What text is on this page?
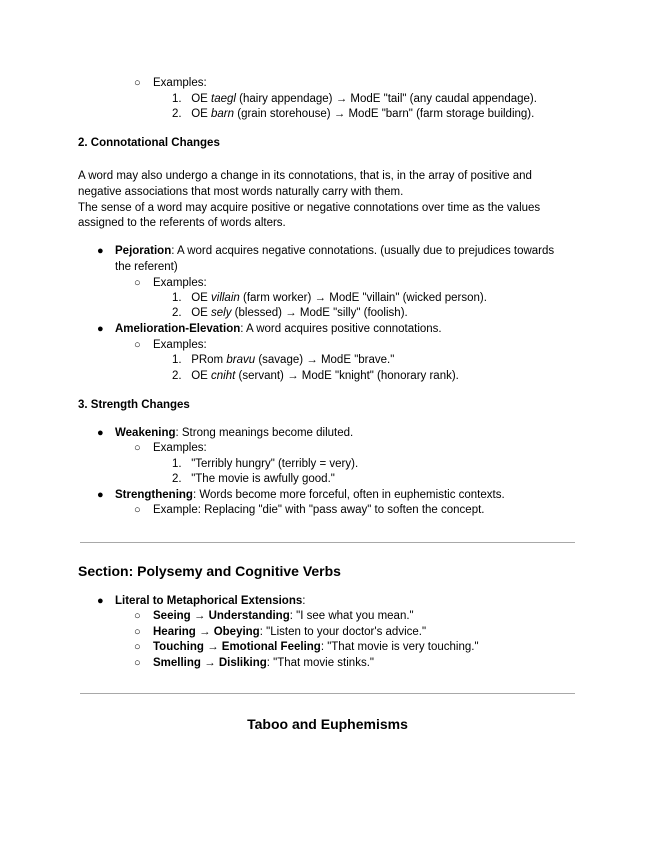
○ Examples:
1. OE taegl (hairy appendage) → ModE "tail" (any caudal appendage).
2. OE barn (grain storehouse) → ModE "barn" (farm storage building).
2. Connotational Changes
A word may also undergo a change in its connotations, that is, in the array of positive and
negative associations that most words naturally carry with them.
The sense of a word may acquire positive or negative connotations over time as the values
assigned to the referents of words alters.
● Pejoration: A word acquires negative connotations. (usually due to prejudices towards
the referent)
○ Examples:
1. OE villain (farm worker) → ModE "villain" (wicked person).
2. OE sely (blessed) → ModE "silly" (foolish).
● Amelioration-Elevation: A word acquires positive connotations.
○ Examples:
1. PRom bravu (savage) → ModE "brave."
2. OE cniht (servant) → ModE "knight" (honorary rank).
3. Strength Changes
● Weakening: Strong meanings become diluted.
○ Examples:
1. "Terribly hungry" (terribly = very).
2. "The movie is awfully good."
● Strengthening: Words become more forceful, often in euphemistic contexts.
○ Example: Replacing "die" with "pass away" to soften the concept.
Section: Polysemy and Cognitive Verbs
● Literal to Metaphorical Extensions:
○ Seeing → Understanding: "I see what you mean."
○ Hearing → Obeying: "Listen to your doctor's advice."
○ Touching → Emotional Feeling: "That movie is very touching."
○ Smelling → Disliking: "That movie stinks."
Taboo and Euphemisms
